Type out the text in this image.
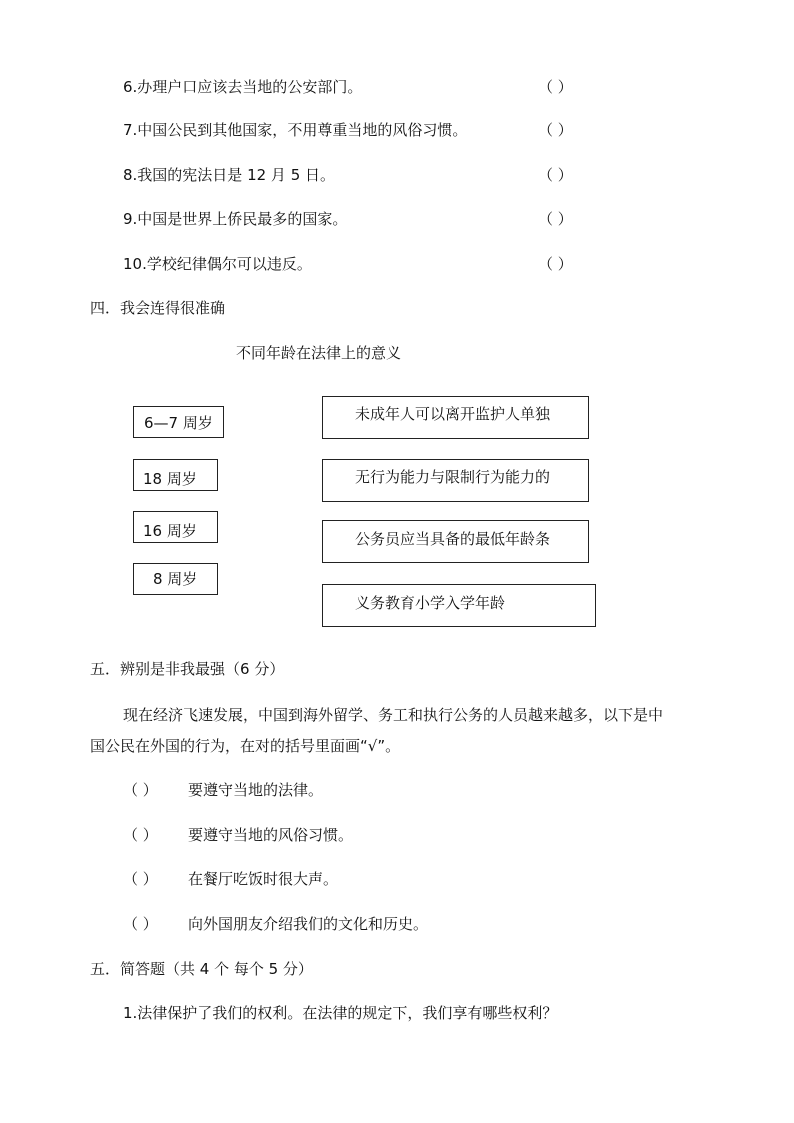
6.办理户口应该去当地的公安部门。	（ ）
7.中国公民到其他国家，不用尊重当地的风俗习惯。	（ ）
8.我国的宪法日是 12 月 5 日。	（ ）
9.中国是世界上侨民最多的国家。	（ ）
10.学校纪律偶尔可以违反。	（ ）
四．我会连得很准确
不同年龄在法律上的意义
6—7 周岁
18 周岁
16 周岁
8 周岁
未成年人可以离开监护人单独
无行为能力与限制行为能力的
公务员应当具备的最低年龄条
义务教育小学入学年龄
五．辨别是非我最强（6 分）
现在经济飞速发展，中国到海外留学、务工和执行公务的人员越来越多，以下是中
国公民在外国的行为，在对的括号里面画“√”。
（ ） 要遵守当地的法律。
（ ） 要遵守当地的风俗习惯。
（ ） 在餐厅吃饭时很大声。
（ ） 向外国朋友介绍我们的文化和历史。
五．简答题（共 4 个 每个 5 分）
1.法律保护了我们的权利。在法律的规定下，我们享有哪些权利？
